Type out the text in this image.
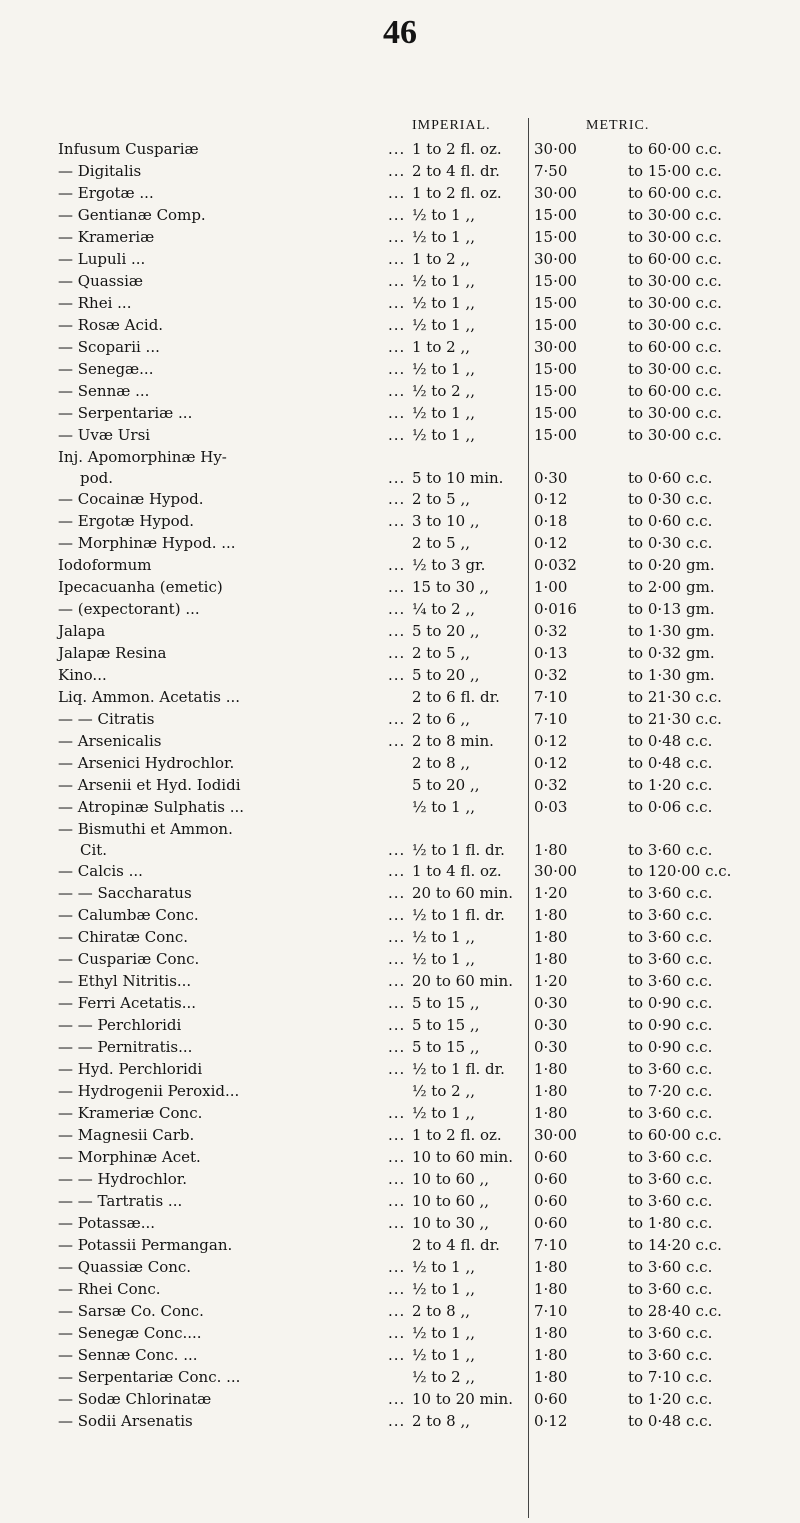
46
IMPERIAL.	METRIC.
Infusum Cuspariæ	... 1 to 2 fl. oz. 30·00	to 60·00 c.c.
— Digitalis	... 2 to 4 fl. dr. 7·50	to 15·00 c.c.
— Ergotæ ...	... 1 to 2 fl. oz. 30·00	to 60·00 c.c.
— Gentianæ Comp.	... ½ to 1 ,,	15·00	to 30·00 c.c.
— Krameriæ	... ½ to 1 ,,	15·00	to 30·00 c.c.
— Lupuli ...	... 1 to 2 ,,	30·00	to 60·00 c.c.
— Quassiæ	... ½ to 1 ,,	15·00	to 30·00 c.c.
— Rhei ...	... ½ to 1 ,,	15·00	to 30·00 c.c.
— Rosæ Acid.	... ½ to 1 ,,	15·00	to 30·00 c.c.
— Scoparii ...	... 1 to 2 ,,	30·00	to 60·00 c.c.
— Senegæ...	... ½ to 1 ,,	15·00	to 30·00 c.c.
— Sennæ ...	... ½ to 2 ,,	15·00	to 60·00 c.c.
— Serpentariæ ...	... ½ to 1 ,,	15·00	to 30·00 c.c.
— Uvæ Ursi	... ½ to 1 ,,	15·00	to 30·00 c.c.
Inj. Apomorphinæ Hy-
pod.	... 5 to 10 min. 0·30	to 0·60 c.c.
— Cocainæ Hypod.	... 2 to 5 ,,	0·12	to 0·30 c.c.
— Ergotæ Hypod.	... 3 to 10 ,,	0·18	to 0·60 c.c.
— Morphinæ Hypod. ...	2 to 5 ,,	0·12	to 0·30 c.c.
Iodoformum	... ½ to 3 gr.	0·032	to 0·20 gm.
Ipecacuanha (emetic)	... 15 to 30 ,,	1·00	to 2·00 gm.
— (expectorant) ...	... ¼ to 2 ,,	0·016	to 0·13 gm.
Jalapa	... 5 to 20 ,,	0·32	to 1·30 gm.
Jalapæ Resina	... 2 to 5 ,,	0·13	to 0·32 gm.
Kino...	... 5 to 20 ,,	0·32	to 1·30 gm.
Liq. Ammon. Acetatis ...	2 to 6 fl. dr. 7·10	to 21·30 c.c.
— — Citratis	... 2 to 6 ,,	7·10	to 21·30 c.c.
— Arsenicalis	... 2 to 8 min.	0·12	to 0·48 c.c.
— Arsenici Hydrochlor.	2 to 8 ,,	0·12	to 0·48 c.c.
— Arsenii et Hyd. Iodidi	5 to 20 ,,	0·32	to 1·20 c.c.
— Atropinæ Sulphatis ...	½ to 1 ,,	0·03	to 0·06 c.c.
— Bismuthi et Ammon.
Cit.	... ½ to 1 fl. dr. 1·80	to 3·60 c.c.
— Calcis ...	... 1 to 4 fl. oz. 30·00	to 120·00 c.c.
— — Saccharatus	... 20 to 60 min. 1·20	to 3·60 c.c.
— Calumbæ Conc.	... ½ to 1 fl. dr. 1·80	to 3·60 c.c.
— Chiratæ Conc.	... ½ to 1 ,,	1·80	to 3·60 c.c.
— Cuspariæ Conc.	... ½ to 1 ,,	1·80	to 3·60 c.c.
— Ethyl Nitritis...	... 20 to 60 min. 1·20	to 3·60 c.c.
— Ferri Acetatis...	... 5 to 15 ,,	0·30	to 0·90 c.c.
— — Perchloridi	... 5 to 15 ,,	0·30	to 0·90 c.c.
— — Pernitratis...	... 5 to 15 ,,	0·30	to 0·90 c.c.
— Hyd. Perchloridi	... ½ to 1 fl. dr. 1·80	to 3·60 c.c.
— Hydrogenii Peroxid...	½ to 2 ,,	1·80	to 7·20 c.c.
— Krameriæ Conc.	... ½ to 1 ,,	1·80	to 3·60 c.c.
— Magnesii Carb.	... 1 to 2 fl. oz. 30·00	to 60·00 c.c.
— Morphinæ Acet.	... 10 to 60 min. 0·60	to 3·60 c.c.
— — Hydrochlor.	... 10 to 60 ,,	0·60	to 3·60 c.c.
— — Tartratis ...	... 10 to 60 ,,	0·60	to 3·60 c.c.
— Potassæ...	... 10 to 30 ,,	0·60	to 1·80 c.c.
— Potassii Permangan.	2 to 4 fl. dr. 7·10	to 14·20 c.c.
— Quassiæ Conc.	... ½ to 1 ,,	1·80	to 3·60 c.c.
— Rhei Conc.	... ½ to 1 ,,	1·80	to 3·60 c.c.
— Sarsæ Co. Conc.	... 2 to 8 ,,	7·10	to 28·40 c.c.
— Senegæ Conc....	... ½ to 1 ,,	1·80	to 3·60 c.c.
— Sennæ Conc. ...	... ½ to 1 ,,	1·80	to 3·60 c.c.
— Serpentariæ Conc. ...	½ to 2 ,,	1·80	to 7·10 c.c.
— Sodæ Chlorinatæ	... 10 to 20 min. 0·60	to 1·20 c.c.
— Sodii Arsenatis	... 2 to 8 ,,	0·12	to 0·48 c.c.
